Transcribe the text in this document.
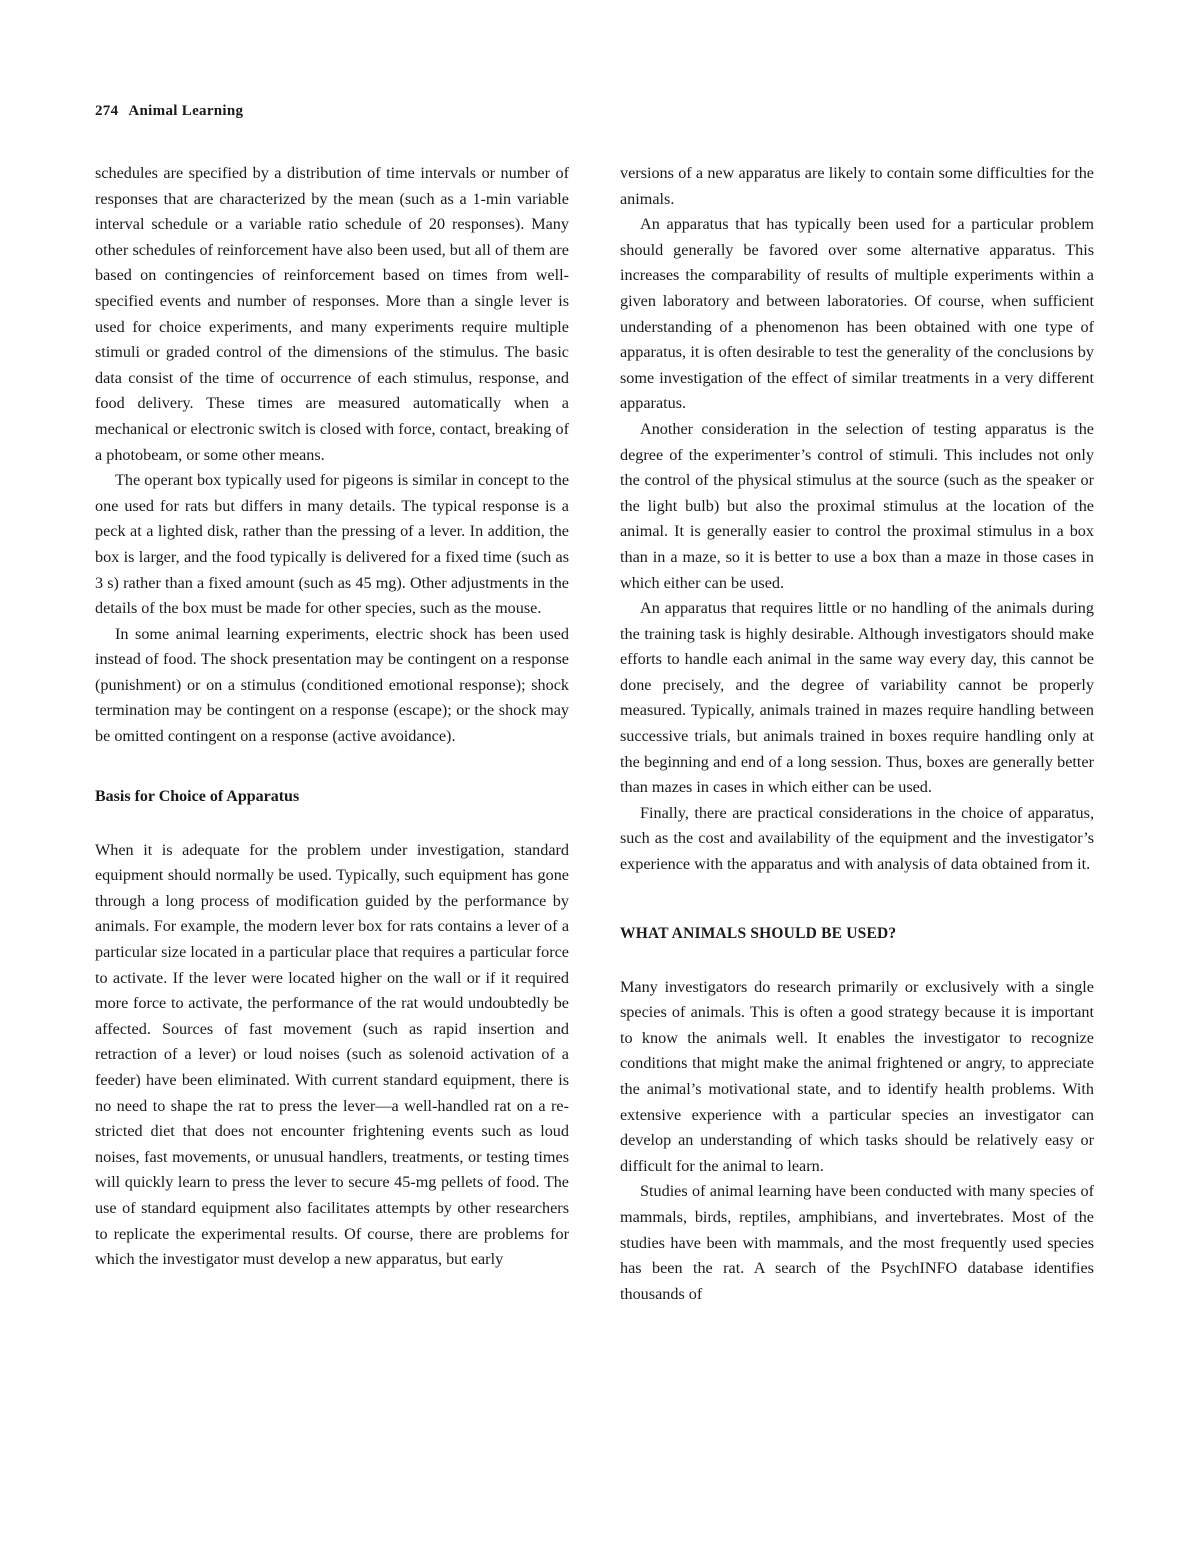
274 Animal Learning

schedules are specified by a distribution of time intervals or number of responses that are characterized by the mean (such as a 1-min variable interval schedule or a variable ratio schedule of 20 responses). Many other schedules of reinforcement have also been used, but all of them are based on contingencies of reinforcement based on times from well-specified events and number of responses. More than a single lever is used for choice experiments, and many experiments require multiple stimuli or graded control of the dimensions of the stimulus. The basic data consist of the time of occurrence of each stimulus, response, and food delivery. These times are measured automatically when a mechanical or electronic switch is closed with force, contact, breaking of a photobeam, or some other means.

The operant box typically used for pigeons is similar in concept to the one used for rats but differs in many details. The typical response is a peck at a lighted disk, rather than the pressing of a lever. In addition, the box is larger, and the food typically is delivered for a fixed time (such as 3 s) rather than a fixed amount (such as 45 mg). Other adjustments in the details of the box must be made for other species, such as the mouse.

In some animal learning experiments, electric shock has been used instead of food. The shock presentation may be contingent on a response (punishment) or on a stimulus (conditioned emotional response); shock termination may be contingent on a response (escape); or the shock may be omitted contingent on a response (active avoidance).

Basis for Choice of Apparatus

When it is adequate for the problem under investigation, standard equipment should normally be used. Typically, such equipment has gone through a long process of modification guided by the performance by animals. For example, the modern lever box for rats contains a lever of a particular size located in a particular place that requires a particular force to activate. If the lever were located higher on the wall or if it required more force to activate, the performance of the rat would undoubtedly be affected. Sources of fast movement (such as rapid insertion and retraction of a lever) or loud noises (such as solenoid activation of a feeder) have been eliminated. With current standard equipment, there is no need to shape the rat to press the lever—a well-handled rat on a restricted diet that does not encounter frightening events such as loud noises, fast movements, or unusual handlers, treatments, or testing times will quickly learn to press the lever to secure 45-mg pellets of food. The use of standard equipment also facilitates attempts by other researchers to replicate the experimental results. Of course, there are problems for which the investigator must develop a new apparatus, but early

versions of a new apparatus are likely to contain some difficulties for the animals.

An apparatus that has typically been used for a particular problem should generally be favored over some alternative apparatus. This increases the comparability of results of multiple experiments within a given laboratory and between laboratories. Of course, when sufficient understanding of a phenomenon has been obtained with one type of apparatus, it is often desirable to test the generality of the conclusions by some investigation of the effect of similar treatments in a very different apparatus.

Another consideration in the selection of testing apparatus is the degree of the experimenter’s control of stimuli. This includes not only the control of the physical stimulus at the source (such as the speaker or the light bulb) but also the proximal stimulus at the location of the animal. It is generally easier to control the proximal stimulus in a box than in a maze, so it is better to use a box than a maze in those cases in which either can be used.

An apparatus that requires little or no handling of the animals during the training task is highly desirable. Although investigators should make efforts to handle each animal in the same way every day, this cannot be done precisely, and the degree of variability cannot be properly measured. Typically, animals trained in mazes require handling between successive trials, but animals trained in boxes require handling only at the beginning and end of a long session. Thus, boxes are generally better than mazes in cases in which either can be used.

Finally, there are practical considerations in the choice of apparatus, such as the cost and availability of the equipment and the investigator’s experience with the apparatus and with analysis of data obtained from it.

WHAT ANIMALS SHOULD BE USED?

Many investigators do research primarily or exclusively with a single species of animals. This is often a good strategy because it is important to know the animals well. It enables the investigator to recognize conditions that might make the animal frightened or angry, to appreciate the animal’s motivational state, and to identify health problems. With extensive experience with a particular species an investigator can develop an understanding of which tasks should be relatively easy or difficult for the animal to learn.

Studies of animal learning have been conducted with many species of mammals, birds, reptiles, amphibians, and invertebrates. Most of the studies have been with mammals, and the most frequently used species has been the rat. A search of the PsychINFO database identifies thousands of
